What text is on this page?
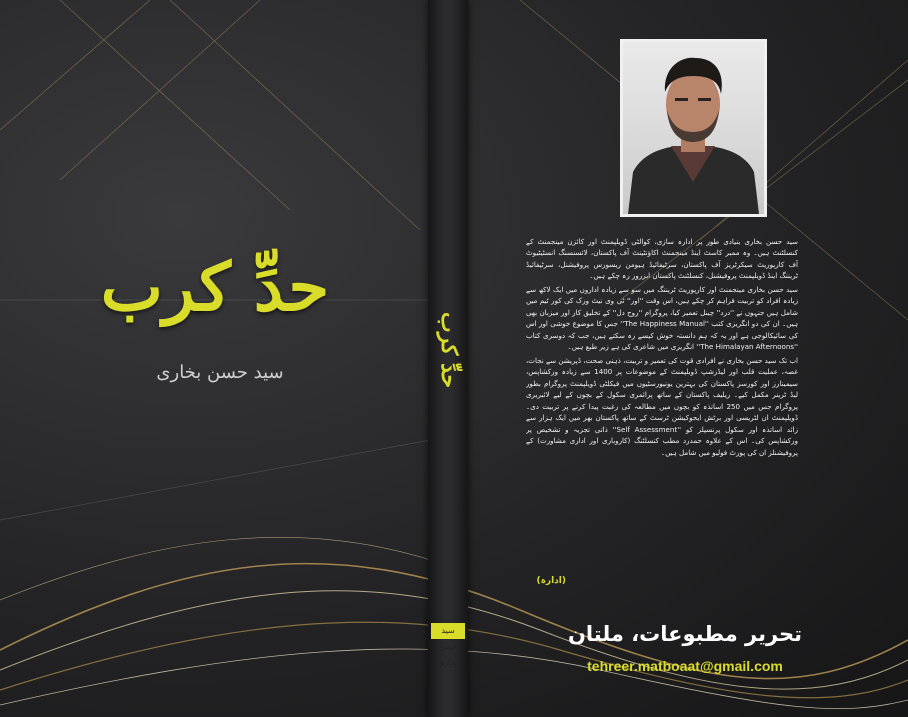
حدِّ کرب
سید حسن بخاری	حدِّ کرب
سید حسن بخاری

سید حسن بخاری بنیادی طور پر ادارہ سازی، کوالٹی ڈویلپمنٹ اور کائزن مینجمنٹ کے کنسلٹنٹ ہیں۔ وہ ممبر کاسٹ اینڈ مینجمنٹ اکاؤنٹینٹ آف پاکستان، لائسنسنگ انسٹیٹیوٹ آف کارپوریٹ سیکرٹریز آف پاکستان، سرٹیفائیڈ ہیومن ریسورس پروفیشنل، سرٹیفائیڈ ٹریننگ اینڈ ڈویلپمنٹ پروفیشنل، کنسلٹنٹ پاکستان ابزرور رہ چکے ہیں۔

سید حسن بخاری مینجمنٹ اور کارپوریٹ ٹریننگ میں سو سے زیادہ اداروں میں ایک لاکھ سے زیادہ افراد کو تربیت فراہم کر چکے ہیں، اس وقت ''اور'' ٹی وی نیٹ ورک کی کور ٹیم میں شامل ہیں جنہوں نے ''درد'' چینل تعمیر کیا، پروگرام ''روح دل'' کے تخلیق کار اور میزبان بھی ہیں۔ ان کی دو انگریزی کتب ''The Happiness Manual'' جس کا موضوع خوشی اور اس کی سائیکالوجی ہے اور یہ کہ ہم دانستہ خوش کیسے رہ سکتے ہیں، جب کہ دوسری کتاب ''The Himalayan Afternoons'' انگریزی میں شاعری کی ہے زیر طبع ہیں۔

اب تک سید حسن بخاری نے افرادی قوت کی تعمیر و تربیت، ذہنی صحت، ڈپریشن سے نجات، غصہ، عملیت قلب اور لیڈرشپ ڈویلپمنٹ کے موضوعات پر 1400 سے زیادہ ورکشاپس، سیمینارز اور کورسز پاکستان کی بہترین یونیورسٹیوں میں فیکلٹی ڈویلپمنٹ پروگرام بطور لیڈ ٹرینر مکمل کیے۔ ریلیف پاکستان کے ساتھ پرائمری سکول کے بچوں کے لیے لائبریری پروگرام جس میں 250 اساتذہ کو بچوں میں مطالعہ کی رغبت پیدا کرنے پر تربیت دی۔ ڈویلپمنٹ ان لٹریسی اور برٹش ایجوکیشن ٹرسٹ کے ساتھ پاکستان بھر میں ایک ہزار سے زائد اساتذہ اور سکول پرنسپلز کو ''Self Assessment'' ذاتی تجزیہ و تشخیص پر ورکشاپس کی۔ اس کے علاوہ حمدرد مطب کنسلٹنگ (کاروباری اور اداری مشاورت) کے پروفیشنلز ان کی پورٹ فولیو میں شامل ہیں۔

(ادارہ)
تحریر مطبوعات، ملتان
tehreer.matboaat@gmail.com
